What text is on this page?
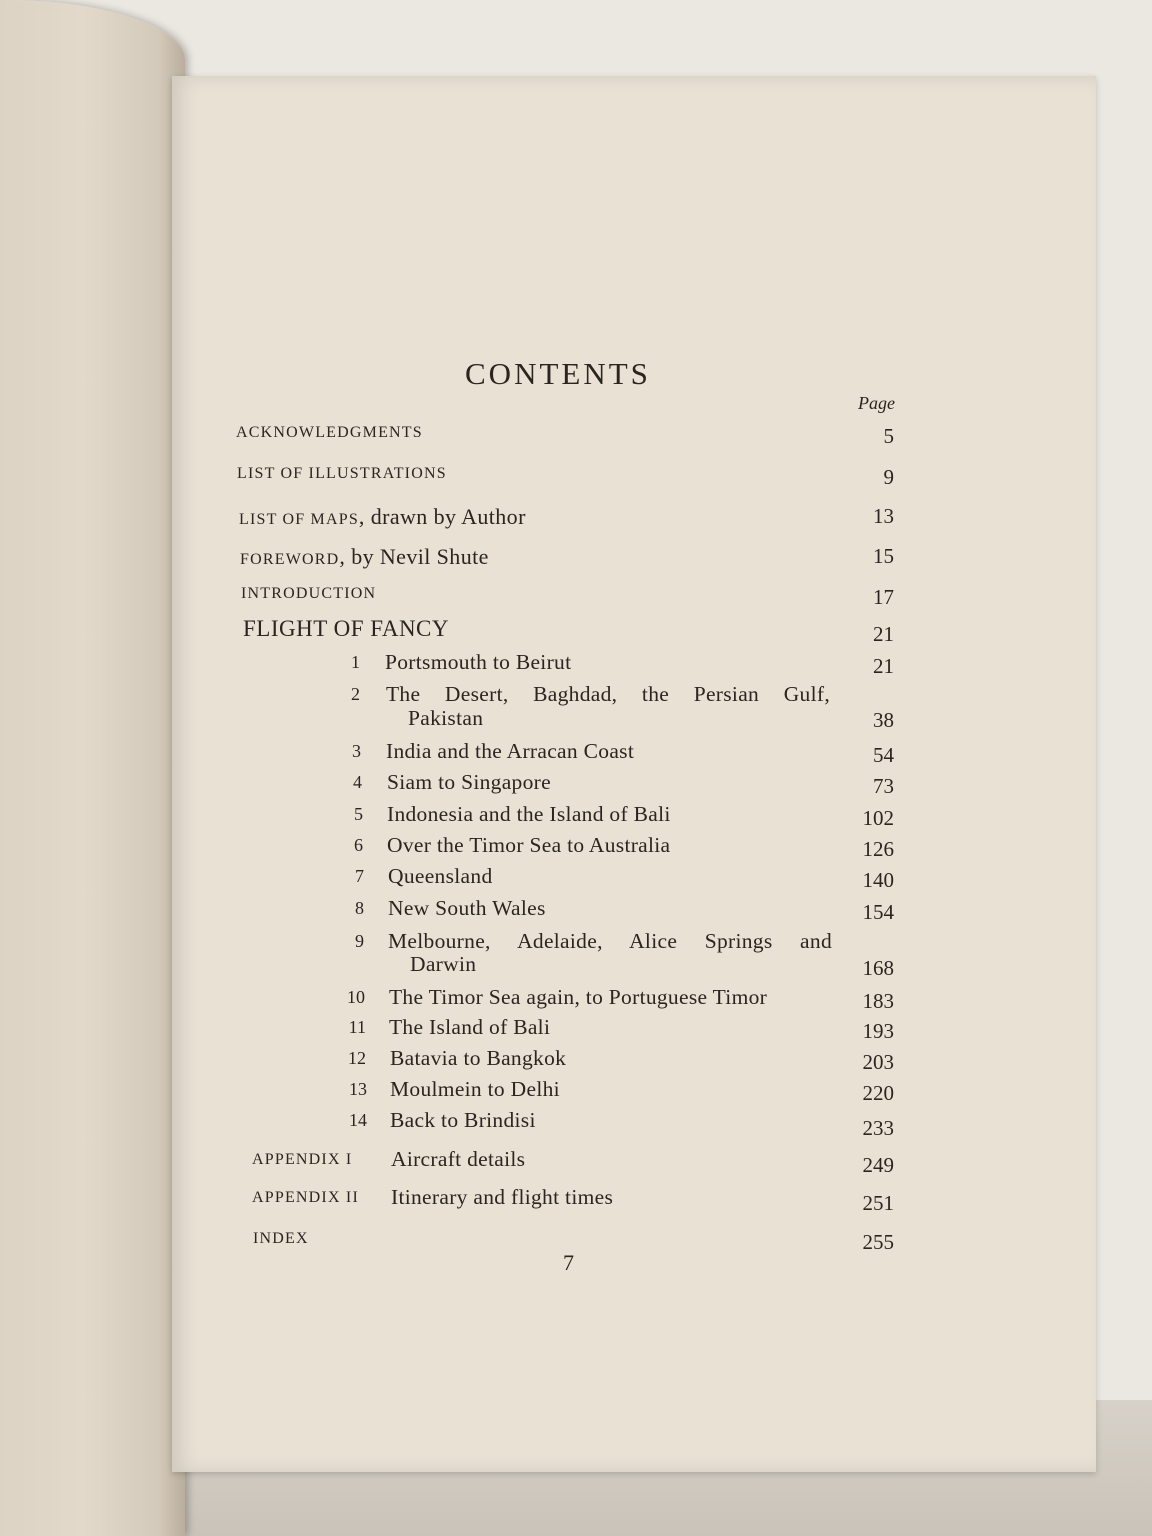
CONTENTS
Page
ACKNOWLEDGMENTS	5
LIST OF ILLUSTRATIONS	9
LIST OF MAPS, drawn by Author	13
FOREWORD, by Nevil Shute	15
INTRODUCTION	17
FLIGHT OF FANCY	21
1 Portsmouth to Beirut	21
2 The Desert, Baghdad, the Persian Gulf,
Pakistan	38
3 India and the Arracan Coast	54
4 Siam to Singapore	73
5 Indonesia and the Island of Bali	102
6 Over the Timor Sea to Australia	126
7 Queensland	140
8 New South Wales	154
9 Melbourne, Adelaide, Alice Springs and
Darwin	168
10 The Timor Sea again, to Portuguese Timor	183
11 The Island of Bali	193
12 Batavia to Bangkok	203
13 Moulmein to Delhi	220
14 Back to Brindisi	233
APPENDIX I Aircraft details	249
APPENDIX II Itinerary and flight times	251
INDEX	255
7
